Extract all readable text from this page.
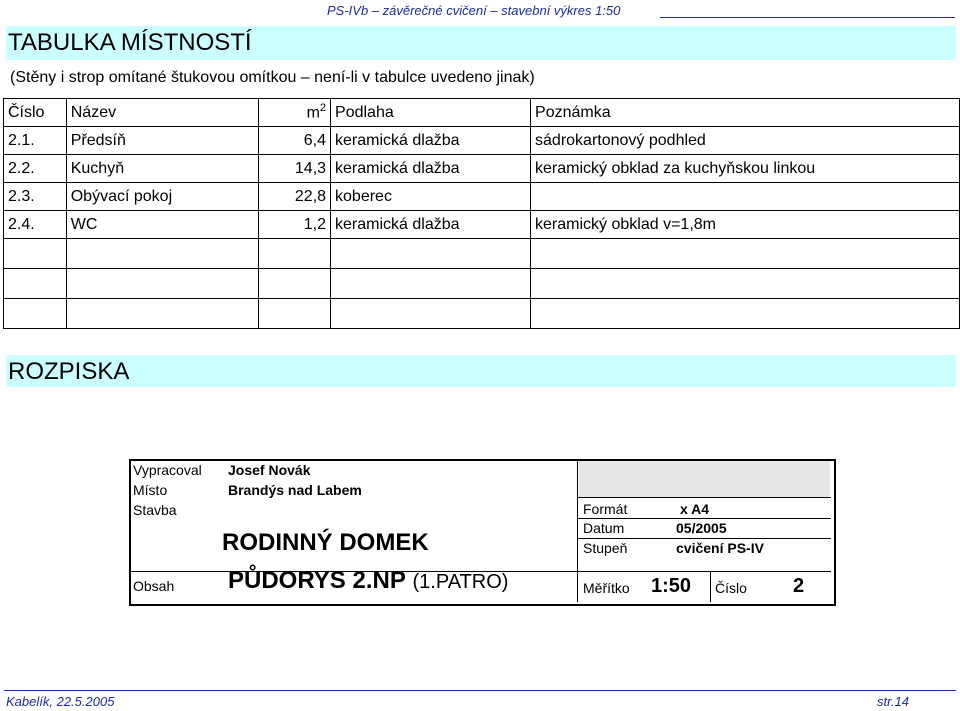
PS-IVb – závěrečné cvičení – stavební výkres 1:50
TABULKA MÍSTNOSTÍ
(Stěny i strop omítané štukovou omítkou – není-li v tabulce uvedeno jinak)
Číslo	Název	$m^2$	Podlaha	Poznámka
2.1.	Předsíň	6,4	keramická dlažba	sádrokartonový podhled
2.2.	Kuchyň	14,3	keramická dlažba	keramický obklad za kuchyňskou linkou
2.3.	Obývací pokoj	22,8	koberec	
2.4.	WC	1,2	keramická dlažba	keramický obklad v=1,8m

ROZPISKA
Vypracoval Josef Novák
Místo	Brandýs nad Labem
Stavba
RODINNÝ DOMEK
Obsah PŮDORYS 2.NP (1.PATRO)
Formát	x A4
Datum	05/2005
Stupeň	cvičení PS-IV
Měřítko 1:50 Číslo 2
Kabelík, 22.5.2005	str.14
